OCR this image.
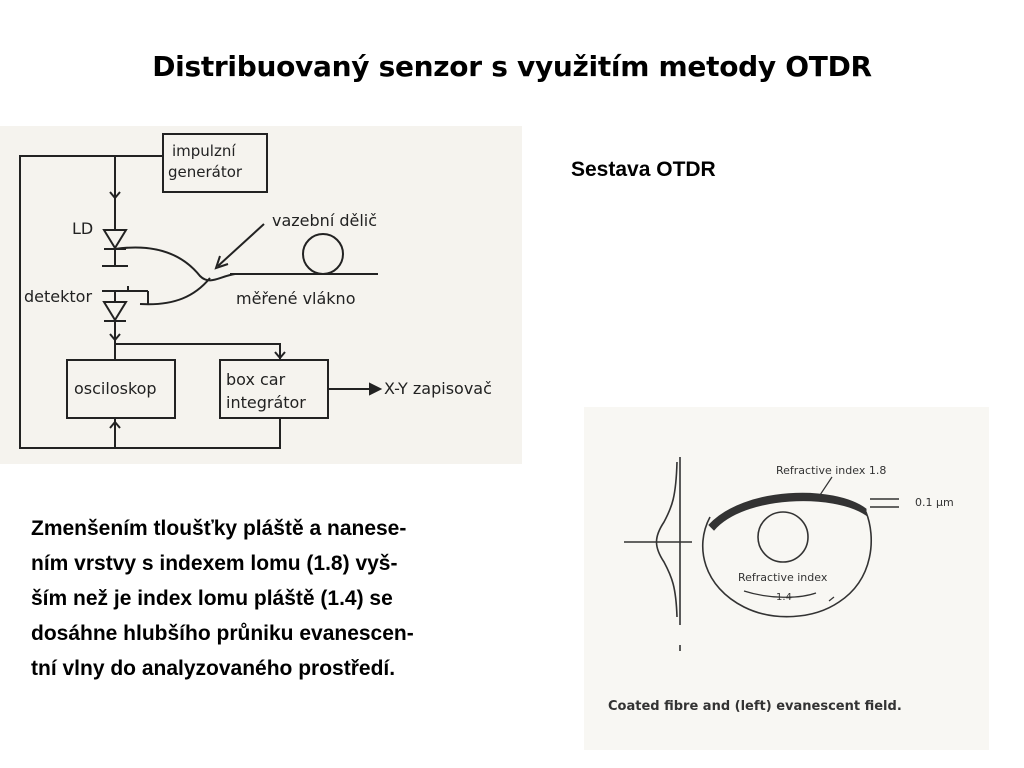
Distribuovaný senzor s využitím metody OTDR
Sestava OTDR
impulzní
generátor
LD	vazební dělič
detektor	měřené vlákno
osciloskop	box car
integrátor
X-Y zapisovač
Zmenšením tloušťky pláště a nanese-
ním vrstvy s indexem lomu (1.8) vyš-
ším než je index lomu pláště (1.4) se
dosáhne hlubšího průniku evanescen-
tní vlny do analyzovaného prostředí.
Refractive index 1.8
0.1 μm
Refractive index
1.4
Coated fibre and (left) evanescent field.
